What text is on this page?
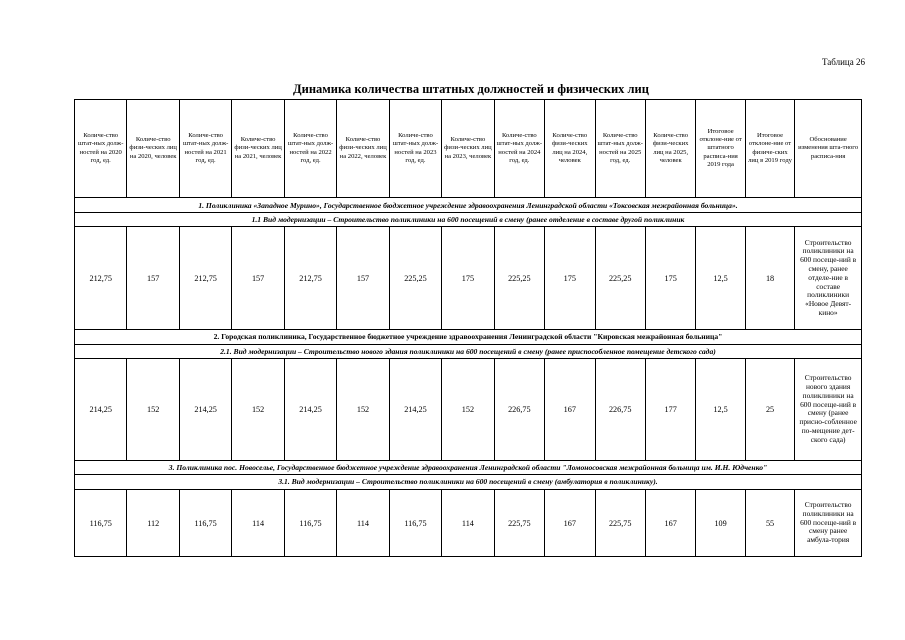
Таблица 26
Динамика количества штатных должностей и физических лиц
Количе-ство штат-ных долж-ностей на 2020 год, ед.	Количе-ство физи-ческих лиц на 2020, человек	Количе-ство штат-ных долж-ностей на 2021 год, ед.	Количе-ство физи-ческих лиц на 2021, человек	Количе-ство штат-ных долж-ностей на 2022 год, ед.	Количе-ство физи-ческих лиц на 2022, человек	Количе-ство штат-ных долж-ностей на 2023 год, ед.	Количе-ство физи-ческих лиц на 2023, человек	Количе-ство штат-ных долж-ностей на 2024 год, ед.	Количе-ство физи-ческих лиц на 2024, человек	Количе-ство штат-ных долж-ностей на 2025 год, ед.	Количе-ство физи-ческих лиц на 2025, человек	Итоговое отклоне-ние от штатного расписа-ния 2019 года	Итоговое отклоне-ние от физиче-ских лиц в 2019 году	Обоснование изменения шта-тного расписа-ния
1. Поликлиника «Западное Мурино», Государственное бюджетное учреждение здравоохранения Ленинградской области «Токсовская межрайонная больница».														
1.1 Вид модернизации – Строительство поликлиники на 600 посещений в смену (ранее отделение в составе другой поликлиник														
212,75	157	212,75	157	212,75	157	225,25	175	225,25	175	225,25	175	12,5	18	Строительство поликлиники на 600 посеще-ний в смену, ранее отделе-ние в составе поликлиники «Новое Девят-кино»
2. Городская поликлиника, Государственное бюджетное учреждение здравоохранения Ленинградской области "Кировская межрайонная больница"														
2.1. Вид модернизации – Строительство нового здания поликлиники на 600 посещений в смену (ранее приспособленное помещение детского сада)														
214,25	152	214,25	152	214,25	152	214,25	152	226,75	167	226,75	177	12,5	25	Строительство нового здания поликлиники на 600 посеще-ний в смену (ранее присно-собленное по-мещение дет-ского сада)
3. Поликлиника пос. Новоселье, Государственное бюджетное учреждение здравоохранения Ленинградской области "Ломоносовская межрайонная больница им. И.Н. Юдченко"														
3.1. Вид модернизации – Строительство поликлиники на 600 посещений в смену (амбулатория в поликлинику).														
116,75	112	116,75	114	116,75	114	116,75	114	225,75	167	225,75	167	109	55	Строительство поликлиники на 600 посеще-ний в смену ранее амбула-тория
